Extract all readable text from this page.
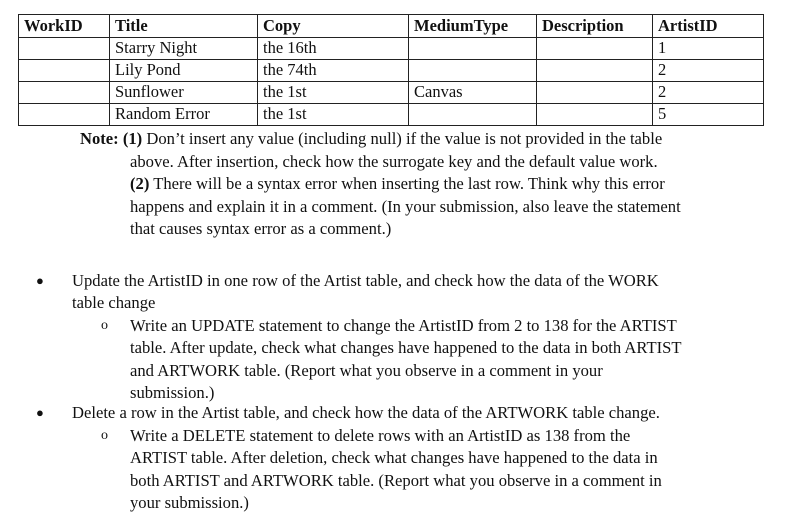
WorkID	Title	Copy	MediumType	Description	ArtistID
	Starry Night	the 16th			1
	Lily Pond	the 74th			2
	Sunflower	the 1st	Canvas		2
	Random Error	the 1st			5
Note: (1) Don’t insert any value (including null) if the value is not provided in the table
above. After insertion, check how the surrogate key and the default value work.
(2) There will be a syntax error when inserting the last row. Think why this error
happens and explain it in a comment. (In your submission, also leave the statement
that causes syntax error as a comment.)
● Update the ArtistID in one row of the Artist table, and check how the data of the WORK
table change
o Write an UPDATE statement to change the ArtistID from 2 to 138 for the ARTIST
table. After update, check what changes have happened to the data in both ARTIST
and ARTWORK table. (Report what you observe in a comment in your
submission.)
● Delete a row in the Artist table, and check how the data of the ARTWORK table change.
o Write a DELETE statement to delete rows with an ArtistID as 138 from the
ARTIST table. After deletion, check what changes have happened to the data in
both ARTIST and ARTWORK table. (Report what you observe in a comment in
your submission.)
